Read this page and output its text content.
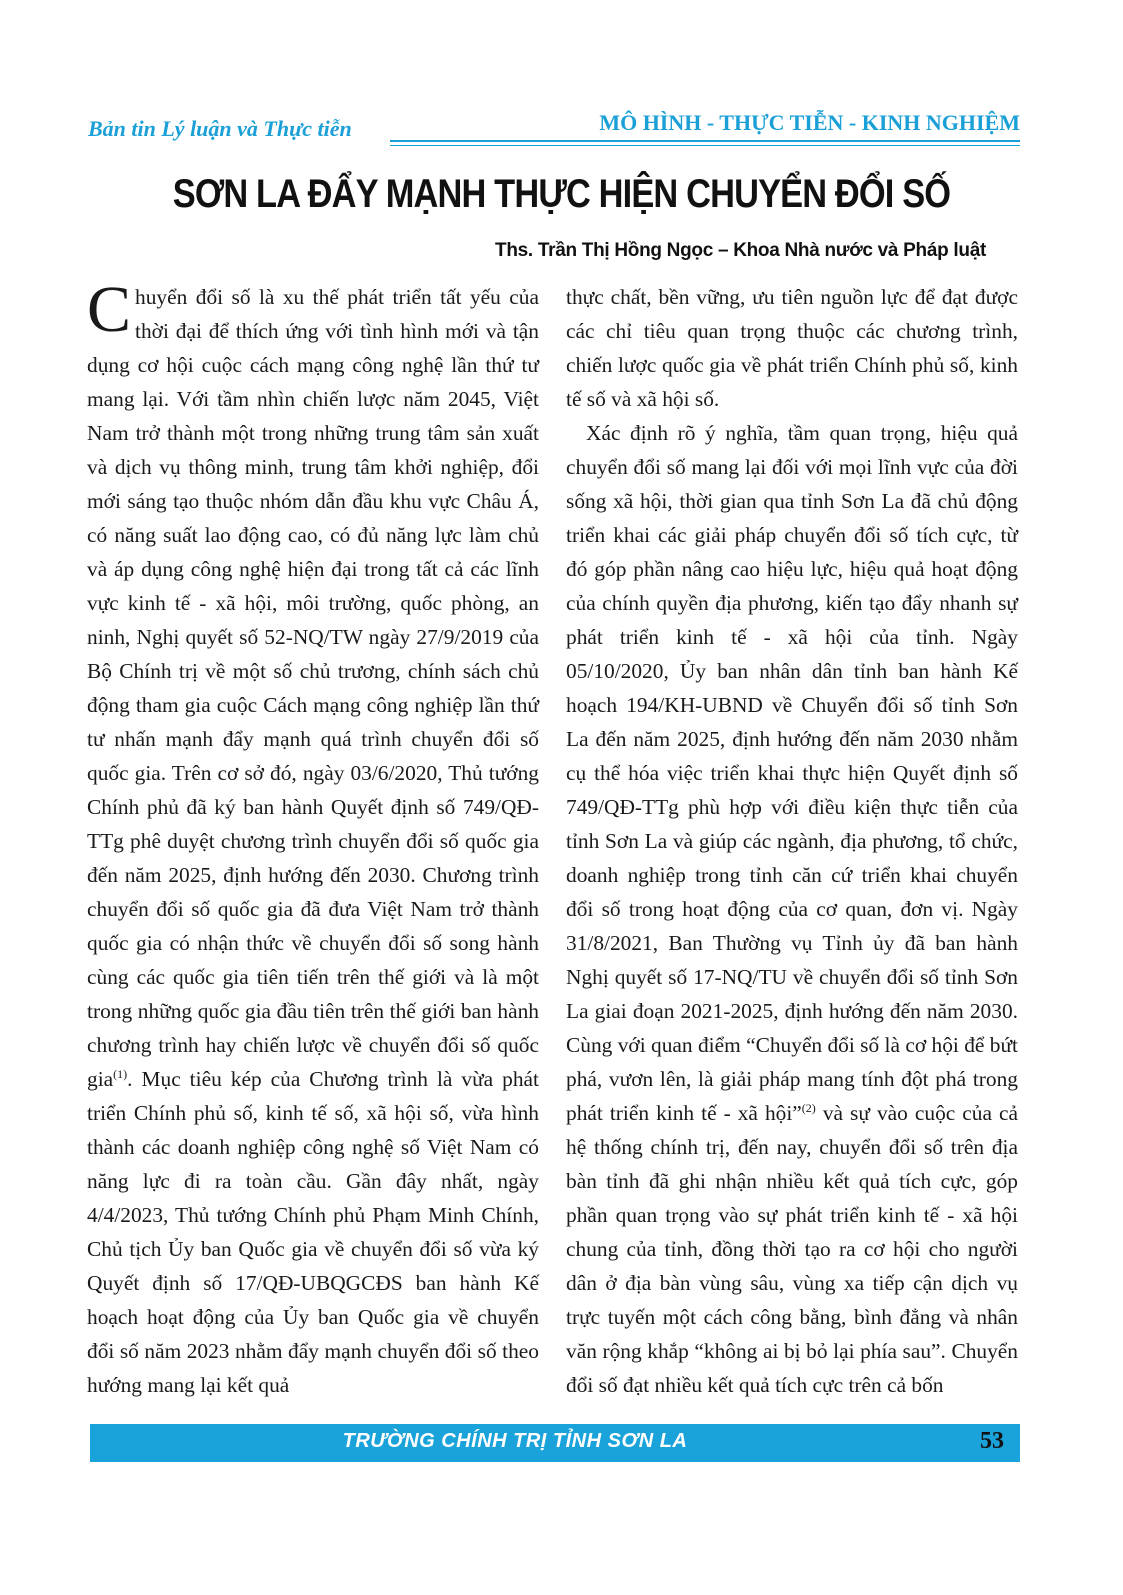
Bản tin Lý luận và Thực tiễn	MÔ HÌNH - THỰC TIỄN - KINH NGHIỆM
SƠN LA ĐẨY MẠNH THỰC HIỆN CHUYỂN ĐỔI SỐ
Ths. Trần Thị Hồng Ngọc – Khoa Nhà nước và Pháp luật

Chuyển đổi số là xu thế phát triển tất yếu của thời đại để thích ứng với tình hình mới và tận dụng cơ hội cuộc cách mạng công nghệ lần thứ tư mang lại. Với tầm nhìn chiến lược năm 2045, Việt Nam trở thành một trong những trung tâm sản xuất và dịch vụ thông minh, trung tâm khởi nghiệp, đổi mới sáng tạo thuộc nhóm dẫn đầu khu vực Châu Á, có năng suất lao động cao, có đủ năng lực làm chủ và áp dụng công nghệ hiện đại trong tất cả các lĩnh vực kinh tế - xã hội, môi trường, quốc phòng, an ninh, Nghị quyết số 52-NQ/TW ngày 27/9/2019 của Bộ Chính trị về một số chủ trương, chính sách chủ động tham gia cuộc Cách mạng công nghiệp lần thứ tư nhấn mạnh đẩy mạnh quá trình chuyển đổi số quốc gia. Trên cơ sở đó, ngày 03/6/2020, Thủ tướng Chính phủ đã ký ban hành Quyết định số 749/QĐ-TTg phê duyệt chương trình chuyển đổi số quốc gia đến năm 2025, định hướng đến 2030. Chương trình chuyển đổi số quốc gia đã đưa Việt Nam trở thành quốc gia có nhận thức về chuyển đổi số song hành cùng các quốc gia tiên tiến trên thế giới và là một trong những quốc gia đầu tiên trên thế giới ban hành chương trình hay chiến lược về chuyển đổi số quốc gia$^{(1)}$. Mục tiêu kép của Chương trình là vừa phát triển Chính phủ số, kinh tế số, xã hội số, vừa hình thành các doanh nghiệp công nghệ số Việt Nam có năng lực đi ra toàn cầu. Gần đây nhất, ngày 4/4/2023, Thủ tướng Chính phủ Phạm Minh Chính, Chủ tịch Ủy ban Quốc gia về chuyển đổi số vừa ký Quyết định số 17/QĐ-UBQGCĐS ban hành Kế hoạch hoạt động của Ủy ban Quốc gia về chuyển đổi số năm 2023 nhằm đẩy mạnh chuyển đổi số theo hướng mang lại kết quả

thực chất, bền vững, ưu tiên nguồn lực để đạt được các chỉ tiêu quan trọng thuộc các chương trình, chiến lược quốc gia về phát triển Chính phủ số, kinh tế số và xã hội số.

Xác định rõ ý nghĩa, tầm quan trọng, hiệu quả chuyển đổi số mang lại đối với mọi lĩnh vực của đời sống xã hội, thời gian qua tỉnh Sơn La đã chủ động triển khai các giải pháp chuyển đổi số tích cực, từ đó góp phần nâng cao hiệu lực, hiệu quả hoạt động của chính quyền địa phương, kiến tạo đẩy nhanh sự phát triển kinh tế - xã hội của tỉnh. Ngày 05/10/2020, Ủy ban nhân dân tỉnh ban hành Kế hoạch 194/KH-UBND về Chuyển đổi số tỉnh Sơn La đến năm 2025, định hướng đến năm 2030 nhằm cụ thể hóa việc triển khai thực hiện Quyết định số 749/QĐ-TTg phù hợp với điều kiện thực tiễn của tỉnh Sơn La và giúp các ngành, địa phương, tổ chức, doanh nghiệp trong tỉnh căn cứ triển khai chuyển đổi số trong hoạt động của cơ quan, đơn vị. Ngày 31/8/2021, Ban Thường vụ Tỉnh ủy đã ban hành Nghị quyết số 17-NQ/TU về chuyển đổi số tỉnh Sơn La giai đoạn 2021-2025, định hướng đến năm 2030. Cùng với quan điểm “Chuyển đổi số là cơ hội để bứt phá, vươn lên, là giải pháp mang tính đột phá trong phát triển kinh tế - xã hội”$^{(2)}$ và sự vào cuộc của cả hệ thống chính trị, đến nay, chuyển đổi số trên địa bàn tỉnh đã ghi nhận nhiều kết quả tích cực, góp phần quan trọng vào sự phát triển kinh tế - xã hội chung của tỉnh, đồng thời tạo ra cơ hội cho người dân ở địa bàn vùng sâu, vùng xa tiếp cận dịch vụ trực tuyến một cách công bằng, bình đẳng và nhân văn rộng khắp “không ai bị bỏ lại phía sau”. Chuyển đổi số đạt nhiều kết quả tích cực trên cả bốn

TRƯỜNG CHÍNH TRỊ TỈNH SƠN LA	53
